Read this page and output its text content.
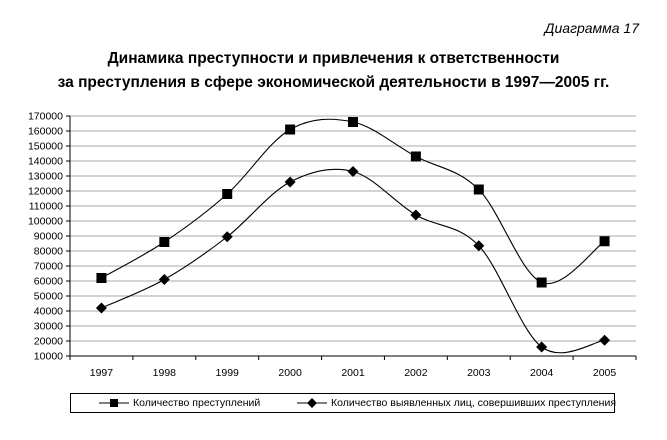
Диаграмма 17
Динамика преступности и привлечения к ответственности
за преступления в сфере экономической деятельности в 1997—2005 гг.
10000
20000
30000
40000
50000
60000
70000
80000
90000
100000
110000
120000
130000
140000
150000
160000
170000
1997	1998	1999	2000	2001	2002	2003	2004	2005
Количество преступлений	Количество выявленных лиц, совершивших преступления
